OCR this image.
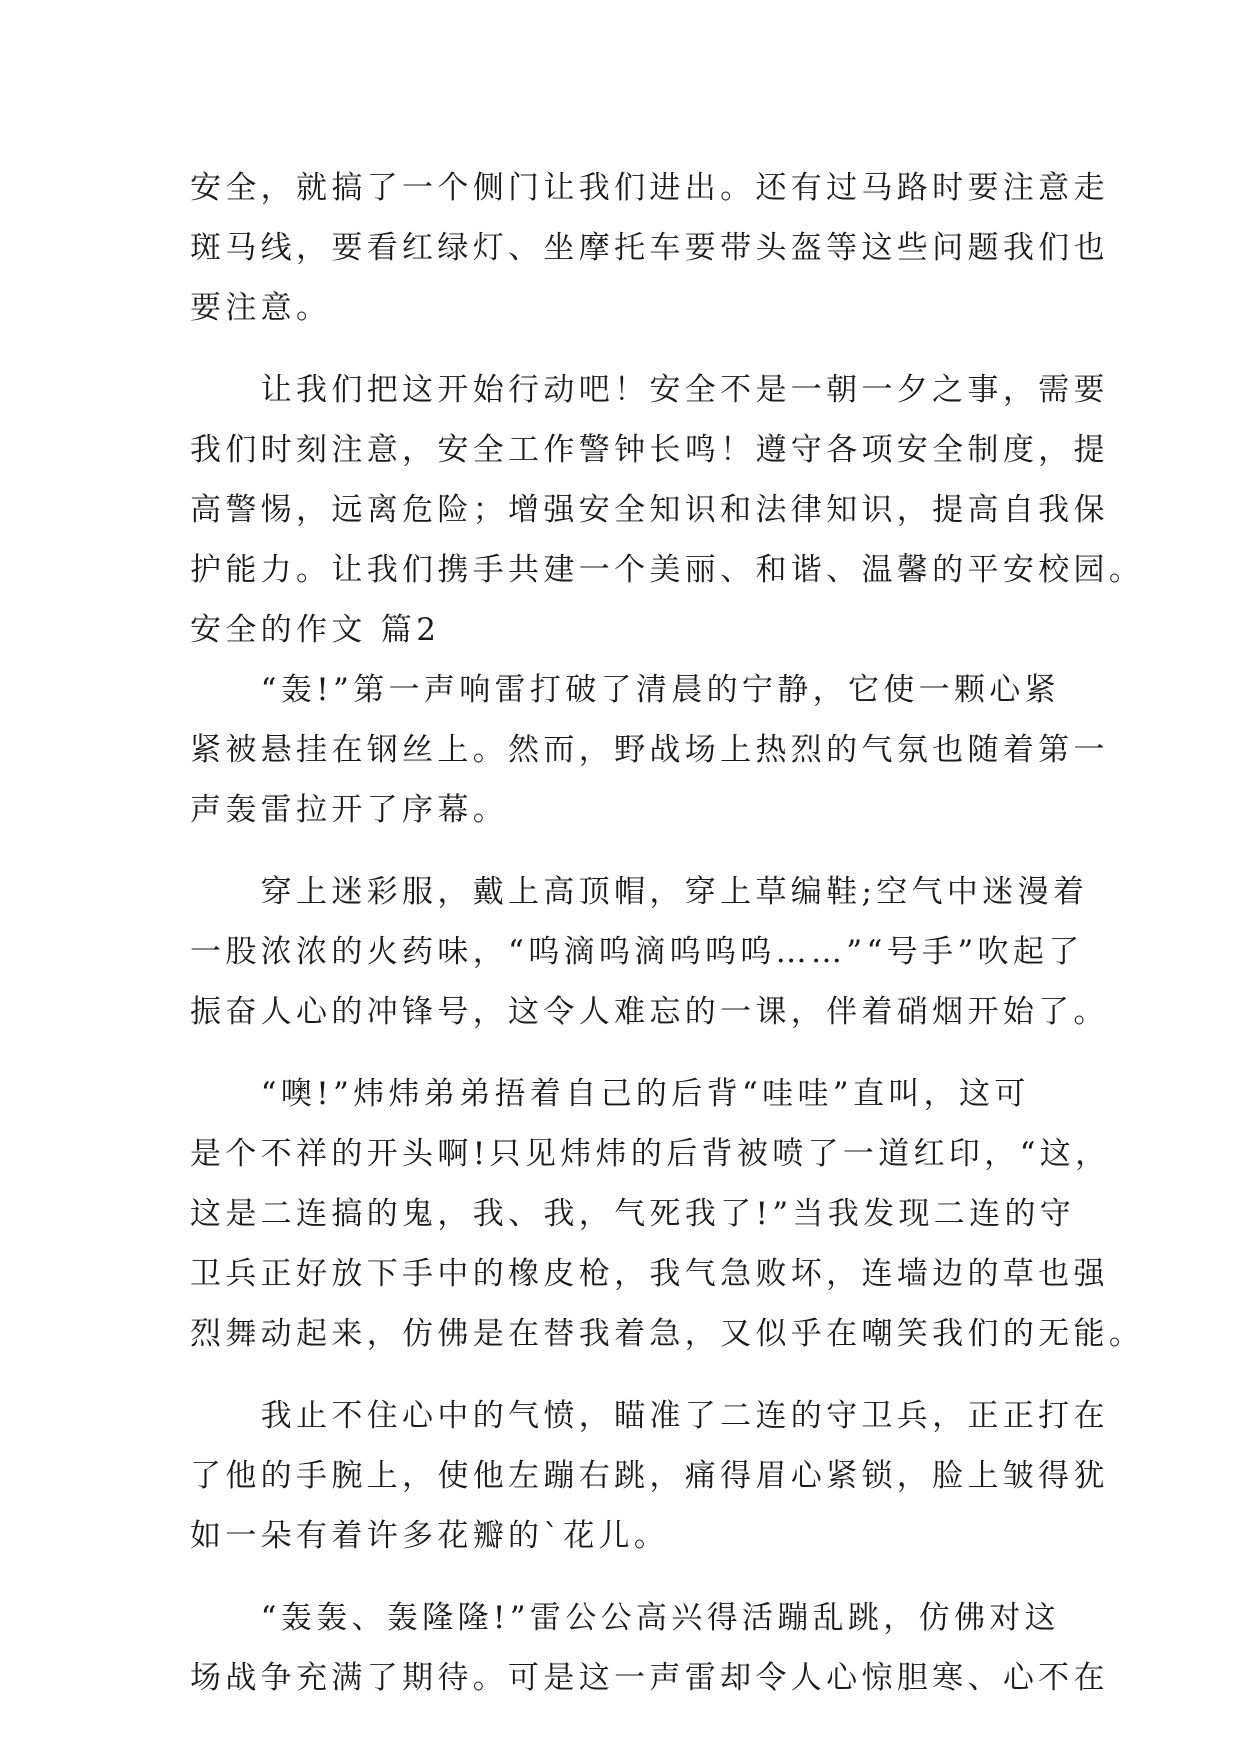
安全，就搞了一个侧门让我们进出。还有过马路时要注意走

斑马线，要看红绿灯、坐摩托车要带头盔等这些问题我们也

要注意。

　　让我们把这开始行动吧！安全不是一朝一夕之事，需要

我们时刻注意，安全工作警钟长鸣！遵守各项安全制度，提

高警惕，远离危险；增强安全知识和法律知识，提高自我保

护能力。让我们携手共建一个美丽、和谐、温馨的平安校园。

安全的作文 篇2

　　“轰!”第一声响雷打破了清晨的宁静，它使一颗心紧

紧被悬挂在钢丝上。然而，野战场上热烈的气氛也随着第一

声轰雷拉开了序幕。

　　穿上迷彩服，戴上高顶帽，穿上草编鞋;空气中迷漫着

一股浓浓的火药味，“呜滴呜滴呜呜呜……”“号手”吹起了

振奋人心的冲锋号，这令人难忘的一课，伴着硝烟开始了。

　　“噢!”炜炜弟弟捂着自己的后背“哇哇”直叫，这可

是个不祥的开头啊!只见炜炜的后背被喷了一道红印，“这，

这是二连搞的鬼，我、我，气死我了!”当我发现二连的守

卫兵正好放下手中的橡皮枪，我气急败坏，连墙边的草也强

烈舞动起来，仿佛是在替我着急，又似乎在嘲笑我们的无能。

　　我止不住心中的气愤，瞄准了二连的守卫兵，正正打在

了他的手腕上，使他左蹦右跳，痛得眉心紧锁，脸上皱得犹

如一朵有着许多花瓣的`花儿。

　　“轰轰、轰隆隆!”雷公公高兴得活蹦乱跳，仿佛对这

场战争充满了期待。可是这一声雷却令人心惊胆寒、心不在
